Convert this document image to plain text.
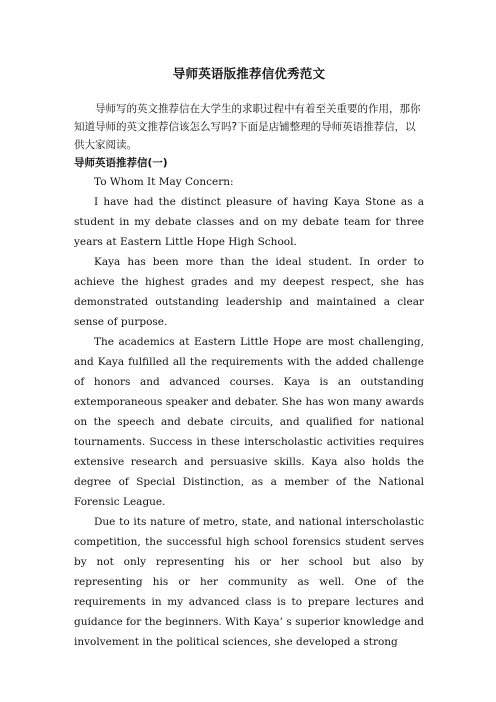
导师英语版推荐信优秀范文

导师写的英文推荐信在大学生的求职过程中有着至关重要的作用，那你知道导师的英文推荐信该怎么写吗?下面是店铺整理的导师英语推荐信，以供大家阅读。

导师英语推荐信(一)

To Whom It May Concern:

I have had the distinct pleasure of having Kaya Stone as a student in my debate classes and on my debate team for three years at Eastern Little Hope High School.

Kaya has been more than the ideal student. In order to achieve the highest grades and my deepest respect, she has demonstrated outstanding leadership and maintained a clear sense of purpose.

The academics at Eastern Little Hope are most challenging, and Kaya fulfilled all the requirements with the added challenge of honors and advanced courses. Kaya is an outstanding extemporaneous speaker and debater. She has won many awards on the speech and debate circuits, and qualified for national tournaments. Success in these interscholastic activities requires extensive research and persuasive skills. Kaya also holds the degree of Special Distinction, as a member of the National Forensic League.

Due to its nature of metro, state, and national interscholastic competition, the successful high school forensics student serves by not only representing his or her school but also by representing his or her community as well. One of the requirements in my advanced class is to prepare lectures and guidance for the beginners. With Kaya’ s superior knowledge and involvement in the political sciences, she developed a strong
